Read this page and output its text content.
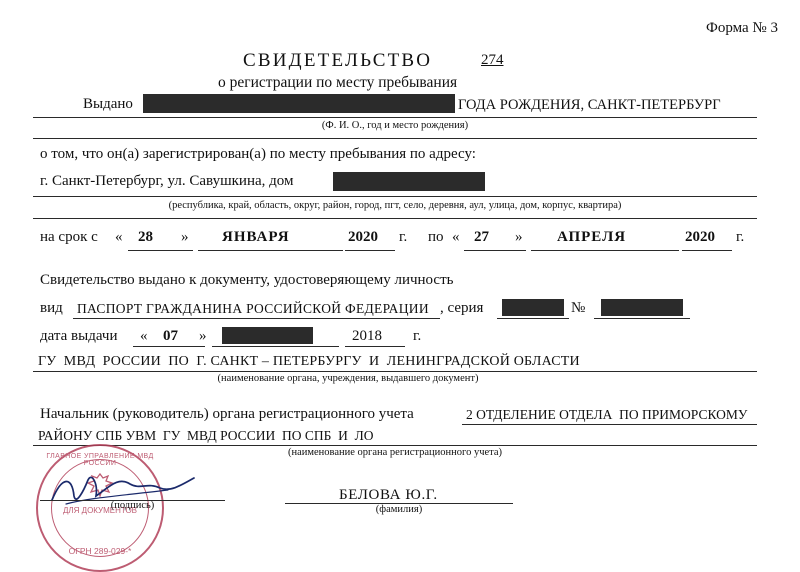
Форма № 3
СВИДЕТЕЛЬСТВО	274
о регистрации по месту пребывания
Выдано	ГОДА РОЖДЕНИЯ, САНКТ-ПЕТЕРБУРГ
(Ф. И. О., год и место рождения)
о том, что он(а) зарегистрирован(а) по месту пребывания по адресу:
г. Санкт-Петербург, ул. Савушкина, дом
(республика, край, область, округ, район, город, пгт, село, деревня, аул, улица, дом, корпус, квартира)
на срок с « 28 » ЯНВАРЯ	2020 г. по « 27 » АПРЕЛЯ	2020 г.
Свидетельство выдано к документу, удостоверяющему личность
вид ПАСПОРТ ГРАЖДАНИНА РОССИЙСКОЙ ФЕДЕРАЦИИ , серия	№
дата выдачи « 07 »	2018 г.
ГУ  МВД  РОССИИ  ПО  Г. САНКТ – ПЕТЕРБУРГУ  И  ЛЕНИНГРАДСКОЙ ОБЛАСТИ
(наименование органа, учреждения, выдавшего документ)
Начальник (руководитель) органа регистрационного учета	2 ОТДЕЛЕНИЕ ОТДЕЛА  ПО ПРИМОРСКОМУ
РАЙОНУ СПБ УВМ  ГУ  МВД РОССИИ  ПО СПБ  И  ЛО
(наименование органа регистрационного учета)
ГЛАВНОЕ УПРАВЛЕНИЕ МВД РОССИИ
ДЛЯ ДОКУМЕНТОВ
ОГРН 289-029-*
(подпись)
БЕЛОВА Ю.Г.
(фамилия)
